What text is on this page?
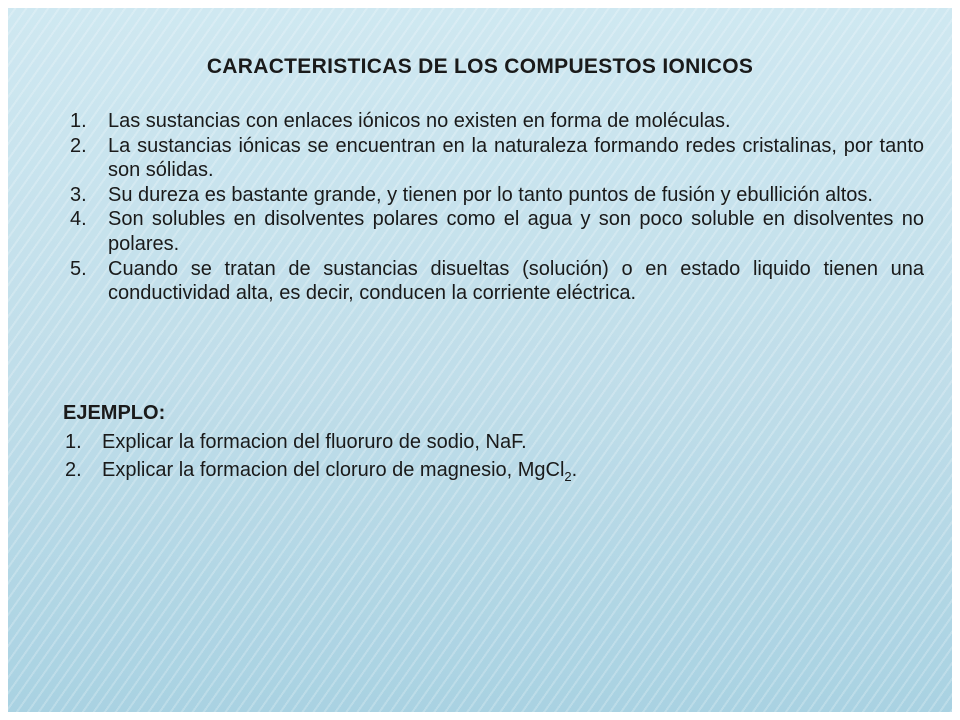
CARACTERISTICAS DE LOS COMPUESTOS IONICOS
1. Las sustancias con enlaces iónicos no existen en forma de moléculas.
2. La sustancias iónicas se encuentran en la naturaleza formando redes cristalinas, por tanto son sólidas.
3. Su dureza es bastante grande, y tienen por lo tanto puntos de fusión y ebullición altos.
4. Son solubles en disolventes polares como el agua y son poco soluble en disolventes no polares.
5. Cuando se tratan de sustancias disueltas (solución) o en estado liquido tienen una conductividad alta, es decir, conducen la corriente eléctrica.
EJEMPLO:
1. Explicar la formacion del fluoruro de sodio, NaF.
2. Explicar la formacion del cloruro de magnesio, MgCl$_2$.
